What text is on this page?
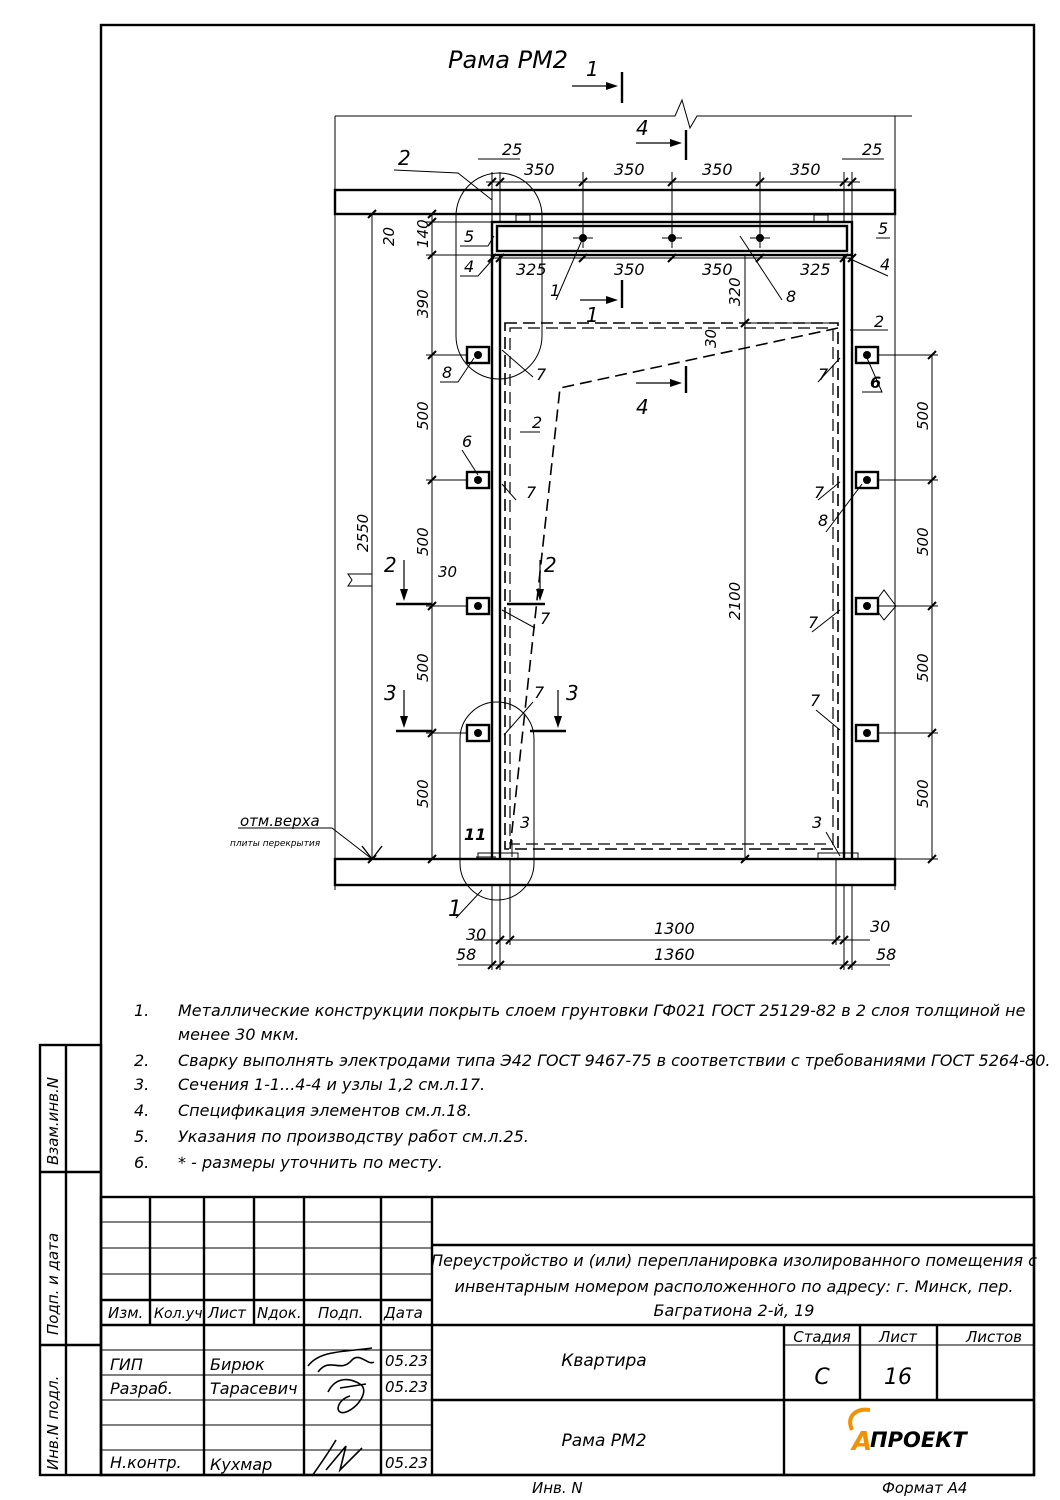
Взам.инв.N
Подп. и дата
Инв.N подл.
Рама РМ2 1
1
4
4
2	2
3	3
25
350	350	350	350
25
325	350	350	325
20 140
390
500
500
500
500
2550
500
500
500
500
320
30
2100
30
30	1300	30
58	1360	58
2
5
4
5
4
1	8
2
8	7	7	6
2
6
7	7
8
7	7
7	7
11
3	3
1
отм.верха
плиты перекрытия
1. Металлические конструкции покрыть слоем грунтовки ГФ021 ГОСТ 25129-82 в 2 слоя толщиной не
менее 30 мкм.
2. Сварку выполнять электродами типа Э42 ГОСТ 9467-75 в соответствии с требованиями ГОСТ 5264-80.
3. Сечения 1-1...4-4 и узлы 1,2 см.л.17.
4. Спецификация элементов см.л.18.
5. Указания по производству работ см.л.25.
6. * - размеры уточнить по месту.
Изм. Кол.уч. Лист Nдок. Подп. Дата
ГИП	Бирюк	05.23
Разраб. Тарасевич	05.23
Н.контр. Кухмар	05.23
Переустройство и (или) перепланировка изолированного помещения с
инвентарным номером расположенного по адресу: г. Минск, пер.
Багратиона 2-й, 19
Квартира
Рама РМ2
Стадия Лист	Листов
С 16
А
ПРОЕКТ
Инв. N	Формат А4
